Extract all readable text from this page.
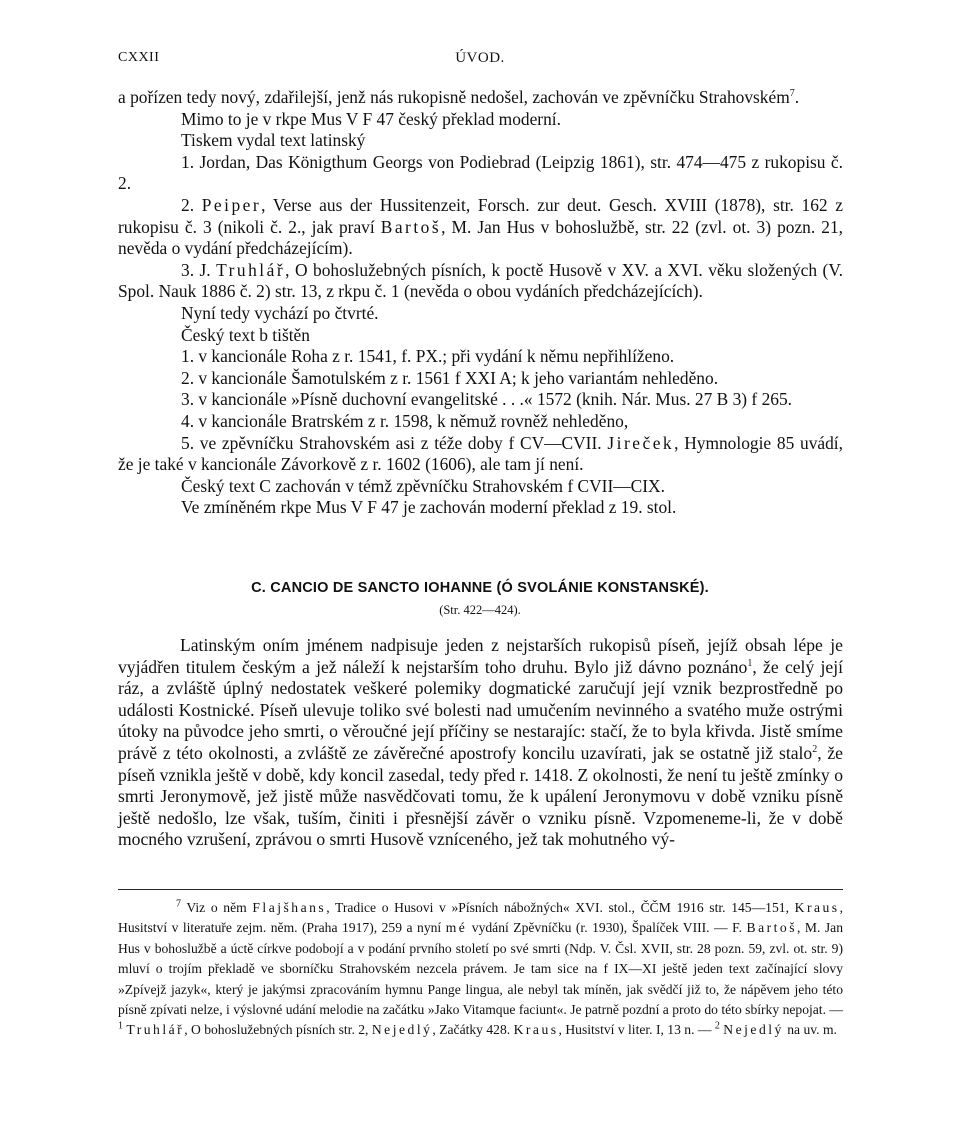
CXXII	ÚVOD.

a pořízen tedy nový, zdařilejší, jenž nás rukopisně nedošel, zachován ve zpěvníčku Strahovském$^7$.

Mimo to je v rkpe Mus V F 47 český překlad moderní.

Tiskem vydal text latinský

1. Jordan, Das Königthum Georgs von Podiebrad (Leipzig 1861), str. 474—475 z rukopisu č. 2.

2. Peiper, Verse aus der Hussitenzeit, Forsch. zur deut. Gesch. XVIII (1878), str. 162 z rukopisu č. 3 (nikoli č. 2., jak praví Bartoš, M. Jan Hus v bohoslužbě, str. 22 (zvl. ot. 3) pozn. 21, nevěda o vydání předcházejícím).

3. J. Truhlář, O bohoslužebných písních, k poctě Husově v XV. a XVI. věku složených (V. Spol. Nauk 1886 č. 2) str. 13, z rkpu č. 1 (nevěda o obou vydáních předcházejících).

Nyní tedy vychází po čtvrté.

Český text b tištěn

1. v kancionále Roha z r. 1541, f. PX.; při vydání k němu nepřihlíženo.

2. v kancionále Šamotulském z r. 1561 f XXI A; k jeho variantám nehleděno.

3. v kancionále »Písně duchovní evangelitské . . .« 1572 (knih. Nár. Mus. 27 B 3) f 265.

4. v kancionále Bratrském z r. 1598, k němuž rovněž nehleděno,

5. ve zpěvníčku Strahovském asi z téže doby f CV—CVII. Jireček, Hymnologie 85 uvádí, že je také v kancionále Závorkově z r. 1602 (1606), ale tam jí není.

Český text C zachován v témž zpěvníčku Strahovském f CVII—CIX.

Ve zmíněném rkpe Mus V F 47 je zachován moderní překlad z 19. stol.

C. CANCIO DE SANCTO IOHANNE (Ó SVOLÁNIE KONSTANSKÉ).
(Str. 422—424).

Latinským oním jménem nadpisuje jeden z nejstarších rukopisů píseň, jejíž obsah lépe je vyjádřen titulem českým a jež náleží k nejstarším toho druhu. Bylo již dávno poznáno$^1$, že celý její ráz, a zvláště úplný nedostatek veškeré polemiky dogmatické zaručují její vznik bezprostředně po události Kostnické. Píseň ulevuje toliko své bolesti nad umučením nevinného a svatého muže ostrými útoky na původce jeho smrti, o věroučné její příčiny se nestarajíc: stačí, že to byla křivda. Jistě smíme právě z této okolnosti, a zvláště ze závěrečné apostrofy koncilu uzavírati, jak se ostatně již stalo$^2$, že píseň vznikla ještě v době, kdy koncil zasedal, tedy před r. 1418. Z okolnosti, že není tu ještě zmínky o smrti Jeronymově, jež jistě může nasvědčovati tomu, že k upálení Jeronymovu v době vzniku písně ještě nedošlo, lze však, tuším, činiti i přesnější závěr o vzniku písně. Vzpomeneme-li, že v době mocného vzrušení, zprávou o smrti Husově vzníceného, jež tak mohutného vý-

$^7$ Viz o něm Flajšhans, Tradice o Husovi v »Písních nábožných« XVI. stol., ČČM 1916 str. 145—151, Kraus, Husitství v literatuře zejm. něm. (Praha 1917), 259 a nyní mé vydání Zpěvníčku (r. 1930), Špalíček VIII. — F. Bartoš, M. Jan Hus v bohoslužbě a úctě církve podobojí a v podání prvního století po své smrti (Ndp. V. Čsl. XVII, str. 28 pozn. 59, zvl. ot. str. 9) mluví o trojím překladě ve sborníčku Strahovském nezcela právem. Je tam sice na f IX—XI ještě jeden text začínající slovy »Zpívejž jazyk«, který je jakýmsi zpracováním hymnu Pange lingua, ale nebyl tak míněn, jak svědčí již to, že nápěvem jeho této písně zpívati nelze, i výslovné udání melodie na začátku »Jako Vitamque faciunt«. Je patrně pozdní a proto do této sbírky nepojat. — $^1$ Truhlář, O bohoslužebných písních str. 2, Nejedlý, Začátky 428. Kraus, Husitství v liter. I, 13 n. — $^2$ Nejedlý na uv. m.
